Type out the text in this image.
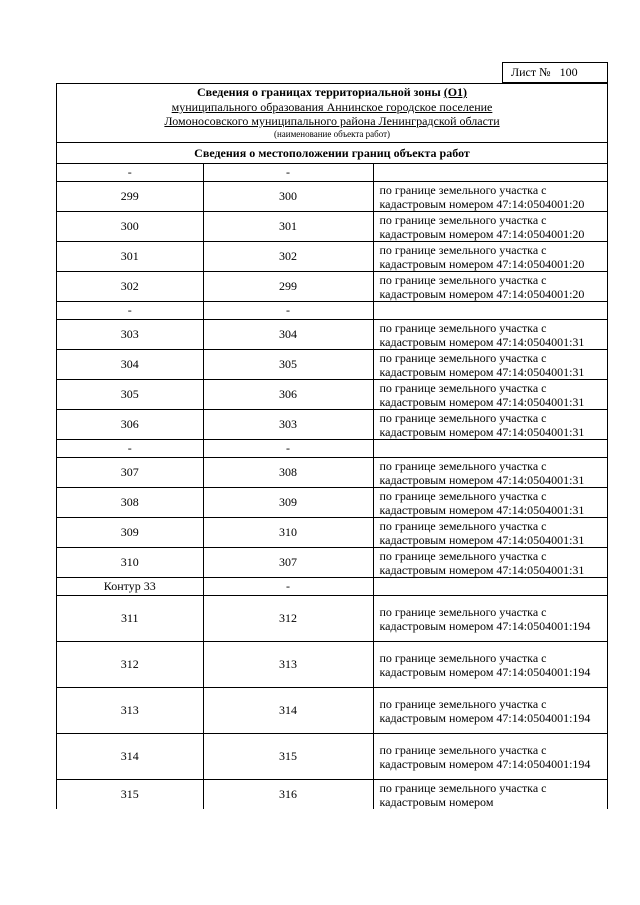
Лист № 100
Сведения о границах территориальной зоны (О1)
муниципального образования Аннинское городское поселение
Ломоносовского муниципального района Ленинградской области
(наименование объекта работ)
Сведения о местоположении границ объекта работ
-	-	
299	300	по границе земельного участка с кадастровым номером 47:14:0504001:20
300	301	по границе земельного участка с кадастровым номером 47:14:0504001:20
301	302	по границе земельного участка с кадастровым номером 47:14:0504001:20
302	299	по границе земельного участка с кадастровым номером 47:14:0504001:20
-	-	
303	304	по границе земельного участка с кадастровым номером 47:14:0504001:31
304	305	по границе земельного участка с кадастровым номером 47:14:0504001:31
305	306	по границе земельного участка с кадастровым номером 47:14:0504001:31
306	303	по границе земельного участка с кадастровым номером 47:14:0504001:31
-	-	
307	308	по границе земельного участка с кадастровым номером 47:14:0504001:31
308	309	по границе земельного участка с кадастровым номером 47:14:0504001:31
309	310	по границе земельного участка с кадастровым номером 47:14:0504001:31
310	307	по границе земельного участка с кадастровым номером 47:14:0504001:31
Контур 33	-	
311	312	по границе земельного участка с кадастровым номером 47:14:0504001:194
312	313	по границе земельного участка с кадастровым номером 47:14:0504001:194
313	314	по границе земельного участка с кадастровым номером 47:14:0504001:194
314	315	по границе земельного участка с кадастровым номером 47:14:0504001:194
315	316	по границе земельного участка с кадастровым номером
